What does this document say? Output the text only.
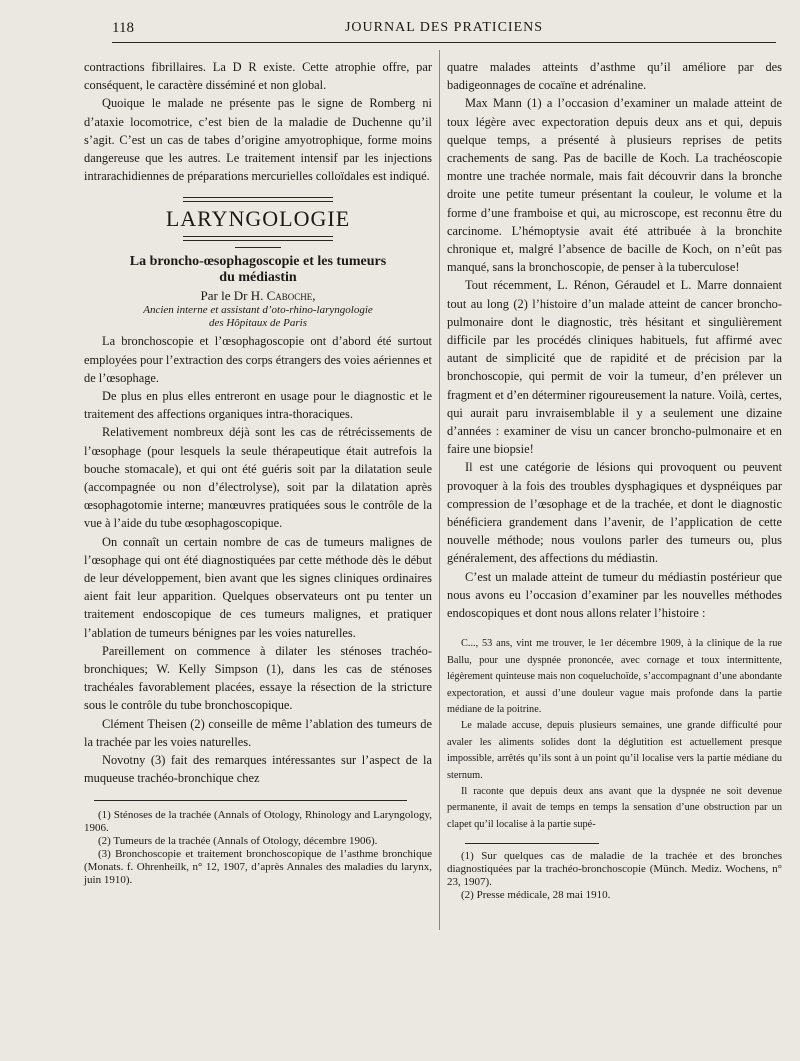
118	JOURNAL DES PRATICIENS

contractions fibrillaires. La D R existe. Cette atrophie offre, par conséquent, le caractère disséminé et non global.

Quoique le malade ne présente pas le signe de Romberg ni d’ataxie locomotrice, c’est bien de la maladie de Duchenne qu’il s’agit. C’est un cas de tabes d’origine amyotrophique, forme moins dangereuse que les autres. Le traitement intensif par les injections intrarachidiennes de préparations mercurielles colloïdales est indiqué.

LARYNGOLOGIE
La broncho-œsophagoscopie et les tumeurs
du médiastin
Par le Dr H. Caboche,
Ancien interne et assistant d’oto-rhino-laryngologie
des Hôpitaux de Paris

La bronchoscopie et l’œsophagoscopie ont d’abord été surtout employées pour l’extraction des corps étrangers des voies aériennes et de l’œsophage.

De plus en plus elles entreront en usage pour le diagnostic et le traitement des affections organiques intra-thoraciques.

Relativement nombreux déjà sont les cas de rétrécissements de l’œsophage (pour lesquels la seule thérapeutique était autrefois la bouche stomacale), et qui ont été guéris soit par la dilatation seule (accompagnée ou non d’électrolyse), soit par la dilatation après œsophagotomie interne; manœuvres pratiquées sous le contrôle de la vue à l’aide du tube œsophagoscopique.

On connaît un certain nombre de cas de tumeurs malignes de l’œsophage qui ont été diagnostiquées par cette méthode dès le début de leur développement, bien avant que les signes cliniques ordinaires aient fait leur apparition. Quelques observateurs ont pu tenter un traitement endoscopique de ces tumeurs malignes, et pratiquer l’ablation de tumeurs bénignes par les voies naturelles.

Pareillement on commence à dilater les sténoses trachéo-bronchiques; W. Kelly Simpson (1), dans les cas de sténoses trachéales favorablement placées, essaye la résection de la stricture sous le contrôle du tube bronchoscopique.

Clément Theisen (2) conseille de même l’ablation des tumeurs de la trachée par les voies naturelles.

Novotny (3) fait des remarques intéressantes sur l’aspect de la muqueuse trachéo-bronchique chez

(1) Sténoses de la trachée (Annals of Otology, Rhinology and Laryngology, 1906.

(2) Tumeurs de la trachée (Annals of Otology, décembre 1906).

(3) Bronchoscopie et traitement bronchoscopique de l’asthme bronchique (Monats. f. Ohrenheilk, n° 12, 1907, d’après Annales des maladies du larynx, juin 1910).

quatre malades atteints d’asthme qu’il améliore par des badigeonnages de cocaïne et adrénaline.

Max Mann (1) a l’occasion d’examiner un malade atteint de toux légère avec expectoration depuis deux ans et qui, depuis quelque temps, a présenté à plusieurs reprises de petits crachements de sang. Pas de bacille de Koch. La trachéoscopie montre une trachée normale, mais fait découvrir dans la bronche droite une petite tumeur présentant la couleur, le volume et la forme d’une framboise et qui, au microscope, est reconnu être du carcinome. L’hémoptysie avait été attribuée à la bronchite chronique et, malgré l’absence de bacille de Koch, on n’eût pas manqué, sans la bronchoscopie, de penser à la tuberculose!

Tout récemment, L. Rénon, Géraudel et L. Marre donnaient tout au long (2) l’histoire d’un malade atteint de cancer broncho-pulmonaire dont le diagnostic, très hésitant et singulièrement difficile par les procédés cliniques habituels, fut affirmé avec autant de simplicité que de rapidité et de précision par la bronchoscopie, qui permit de voir la tumeur, d’en prélever un fragment et d’en déterminer rigoureusement la nature. Voilà, certes, qui aurait paru invraisemblable il y a seulement une dizaine d’années : examiner de visu un cancer broncho-pulmonaire et en faire une biopsie!

Il est une catégorie de lésions qui provoquent ou peuvent provoquer à la fois des troubles dysphagiques et dyspnéiques par compression de l’œsophage et de la trachée, et dont le diagnostic bénéficiera grandement dans l’avenir, de l’application de cette nouvelle méthode; nous voulons parler des tumeurs ou, plus généralement, des affections du médiastin.

C’est un malade atteint de tumeur du médiastin postérieur que nous avons eu l’occasion d’examiner par les nouvelles méthodes endoscopiques et dont nous allons relater l’histoire :

C..., 53 ans, vint me trouver, le 1er décembre 1909, à la clinique de la rue Ballu, pour une dyspnée prononcée, avec cornage et toux intermittente, légèrement quinteuse mais non coqueluchoïde, s’accompagnant d’une abondante expectoration, et aussi d’une douleur vague mais profonde dans la partie médiane de la poitrine.

Le malade accuse, depuis plusieurs semaines, une grande difficulté pour avaler les aliments solides dont la déglutition est actuellement presque impossible, arrêtés qu’ils sont à un point qu’il localise vers la partie médiane du sternum.

Il raconte que depuis deux ans avant que la dyspnée ne soit devenue permanente, il avait de temps en temps la sensation d’une obstruction par un clapet qu’il localise à la partie supé-

(1) Sur quelques cas de maladie de la trachée et des bronches diagnostiquées par la trachéo-bronchoscopie (Münch. Mediz. Wochens, n° 23, 1907).

(2) Presse médicale, 28 mai 1910.
